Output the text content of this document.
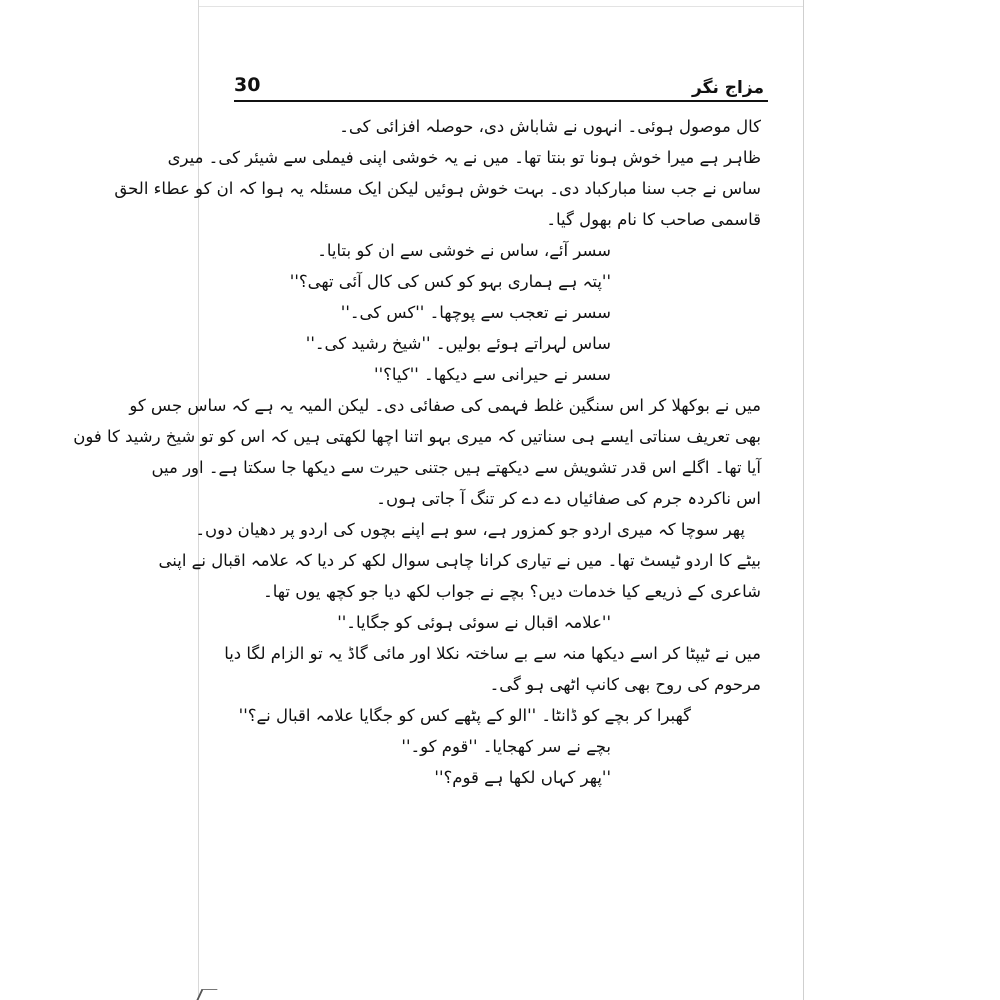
30	مزاج نگر
کال موصول ہوئی۔ انہوں نے شاباش دی، حوصلہ افزائی کی۔
ظاہر ہے میرا خوش ہونا تو بنتا تھا۔ میں نے یہ خوشی اپنی فیملی سے شیئر کی۔ میری
ساس نے جب سنا مبارکباد دی۔ بہت خوش ہوئیں لیکن ایک مسئلہ یہ ہوا کہ ان کو عطاء الحق
قاسمی صاحب کا نام بھول گیا۔
سسر آئے، ساس نے خوشی سے ان کو بتایا۔
''پتہ ہے ہماری بہو کو کس کی کال آئی تھی؟''
سسر نے تعجب سے پوچھا۔ ''کس کی۔''
ساس لہراتے ہوئے بولیں۔ ''شیخ رشید کی۔''
سسر نے حیرانی سے دیکھا۔ ''کیا؟''
میں نے بوکھلا کر اس سنگین غلط فہمی کی صفائی دی۔ لیکن المیہ یہ ہے کہ ساس جس کو
بھی تعریف سناتی ایسے ہی سناتیں کہ میری بہو اتنا اچھا لکھتی ہیں کہ اس کو تو شیخ رشید کا فون
آیا تھا۔ اگلے اس قدر تشویش سے دیکھتے ہیں جتنی حیرت سے دیکھا جا سکتا ہے۔ اور میں
اس ناکردہ جرم کی صفائیاں دے دے کر تنگ آ جاتی ہوں۔
پھر سوچا کہ میری اردو جو کمزور ہے، سو ہے اپنے بچوں کی اردو پر دھیان دوں۔
بیٹے کا اردو ٹیسٹ تھا۔ میں نے تیاری کرانا چاہی سوال لکھ کر دیا کہ علامہ اقبال نے اپنی
شاعری کے ذریعے کیا خدمات دیں؟ بچے نے جواب لکھ دیا جو کچھ یوں تھا۔
''علامہ اقبال نے سوئی ہوئی کو جگایا۔''
میں نے ٹیپٹا کر اسے دیکھا منہ سے بے ساختہ نکلا اور مائی گاڈ یہ تو الزام لگا دیا
مرحوم کی روح بھی کانپ اٹھی ہو گی۔
گھبرا کر بچے کو ڈانٹا۔ ''الو کے پٹھے کس کو جگایا علامہ اقبال نے؟''
بچے نے سر کھجایا۔ ''قوم کو۔''
''پھر کہاں لکھا ہے قوم؟''
